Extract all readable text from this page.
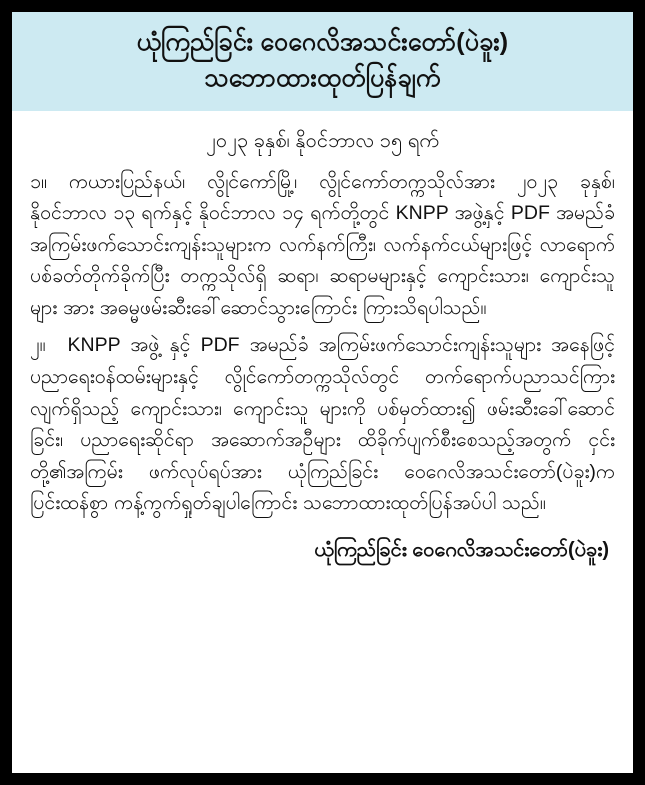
ယုံကြည်ခြင်း ဝေဂေလိအသင်းတော်(ပဲခူး)
သဘောထားထုတ်ပြန်ချက်
၂၀၂၃ ခုနှစ်၊ နိုဝင်ဘာလ ၁၅ ရက်

၁။ ကယားပြည်နယ်၊ လွိုင်ကော်မြို့၊ လွိုင်ကော်တက္ကသိုလ်အား ၂၀၂၃ ခုနှစ်၊ နိုဝင်ဘာလ ၁၃ ရက်နှင့် နိုဝင်ဘာလ ၁၄ ရက်တို့တွင် KNPP အဖွဲ့နှင့် PDF အမည်ခံ အကြမ်းဖက်သောင်းကျန်းသူများက လက်နက်ကြီး၊ လက်နက်ငယ်များဖြင့် လာရောက်ပစ်ခတ်တိုက်ခိုက်ပြီး တက္ကသိုလ်ရှိ ဆရာ၊ ဆရာမများနှင့် ကျောင်းသား၊ ကျောင်းသူများ အား အဓမ္မဖမ်းဆီးခေါ်ဆောင်သွားကြောင်း ကြားသိရပါသည်။

၂။ KNPP အဖွဲ့ နှင့် PDF အမည်ခံ အကြမ်းဖက်သောင်းကျန်းသူများ အနေဖြင့် ပညာရေးဝန်ထမ်းများနှင့် လွိုင်ကော်တက္ကသိုလ်တွင် တက်ရောက်ပညာသင်ကြားလျက်ရှိသည့် ကျောင်းသား၊ ကျောင်းသူ များကို ပစ်မှတ်ထား၍ ဖမ်းဆီးခေါ်ဆောင်ခြင်း၊ ပညာရေးဆိုင်ရာ အဆောက်အဦများ ထိခိုက်ပျက်စီးစေသည့်အတွက် ငှင်းတို့၏အကြမ်း ဖက်လုပ်ရပ်အား ယုံကြည်ခြင်း ဝေဂေလိအသင်းတော်(ပဲခူး)က ပြင်းထန်စွာ ကန့်ကွက်ရှုတ်ချပါကြောင်း သဘောထားထုတ်ပြန်အပ်ပါ သည်။

ယုံကြည်ခြင်း ဝေဂေလိအသင်းတော်(ပဲခူး)
